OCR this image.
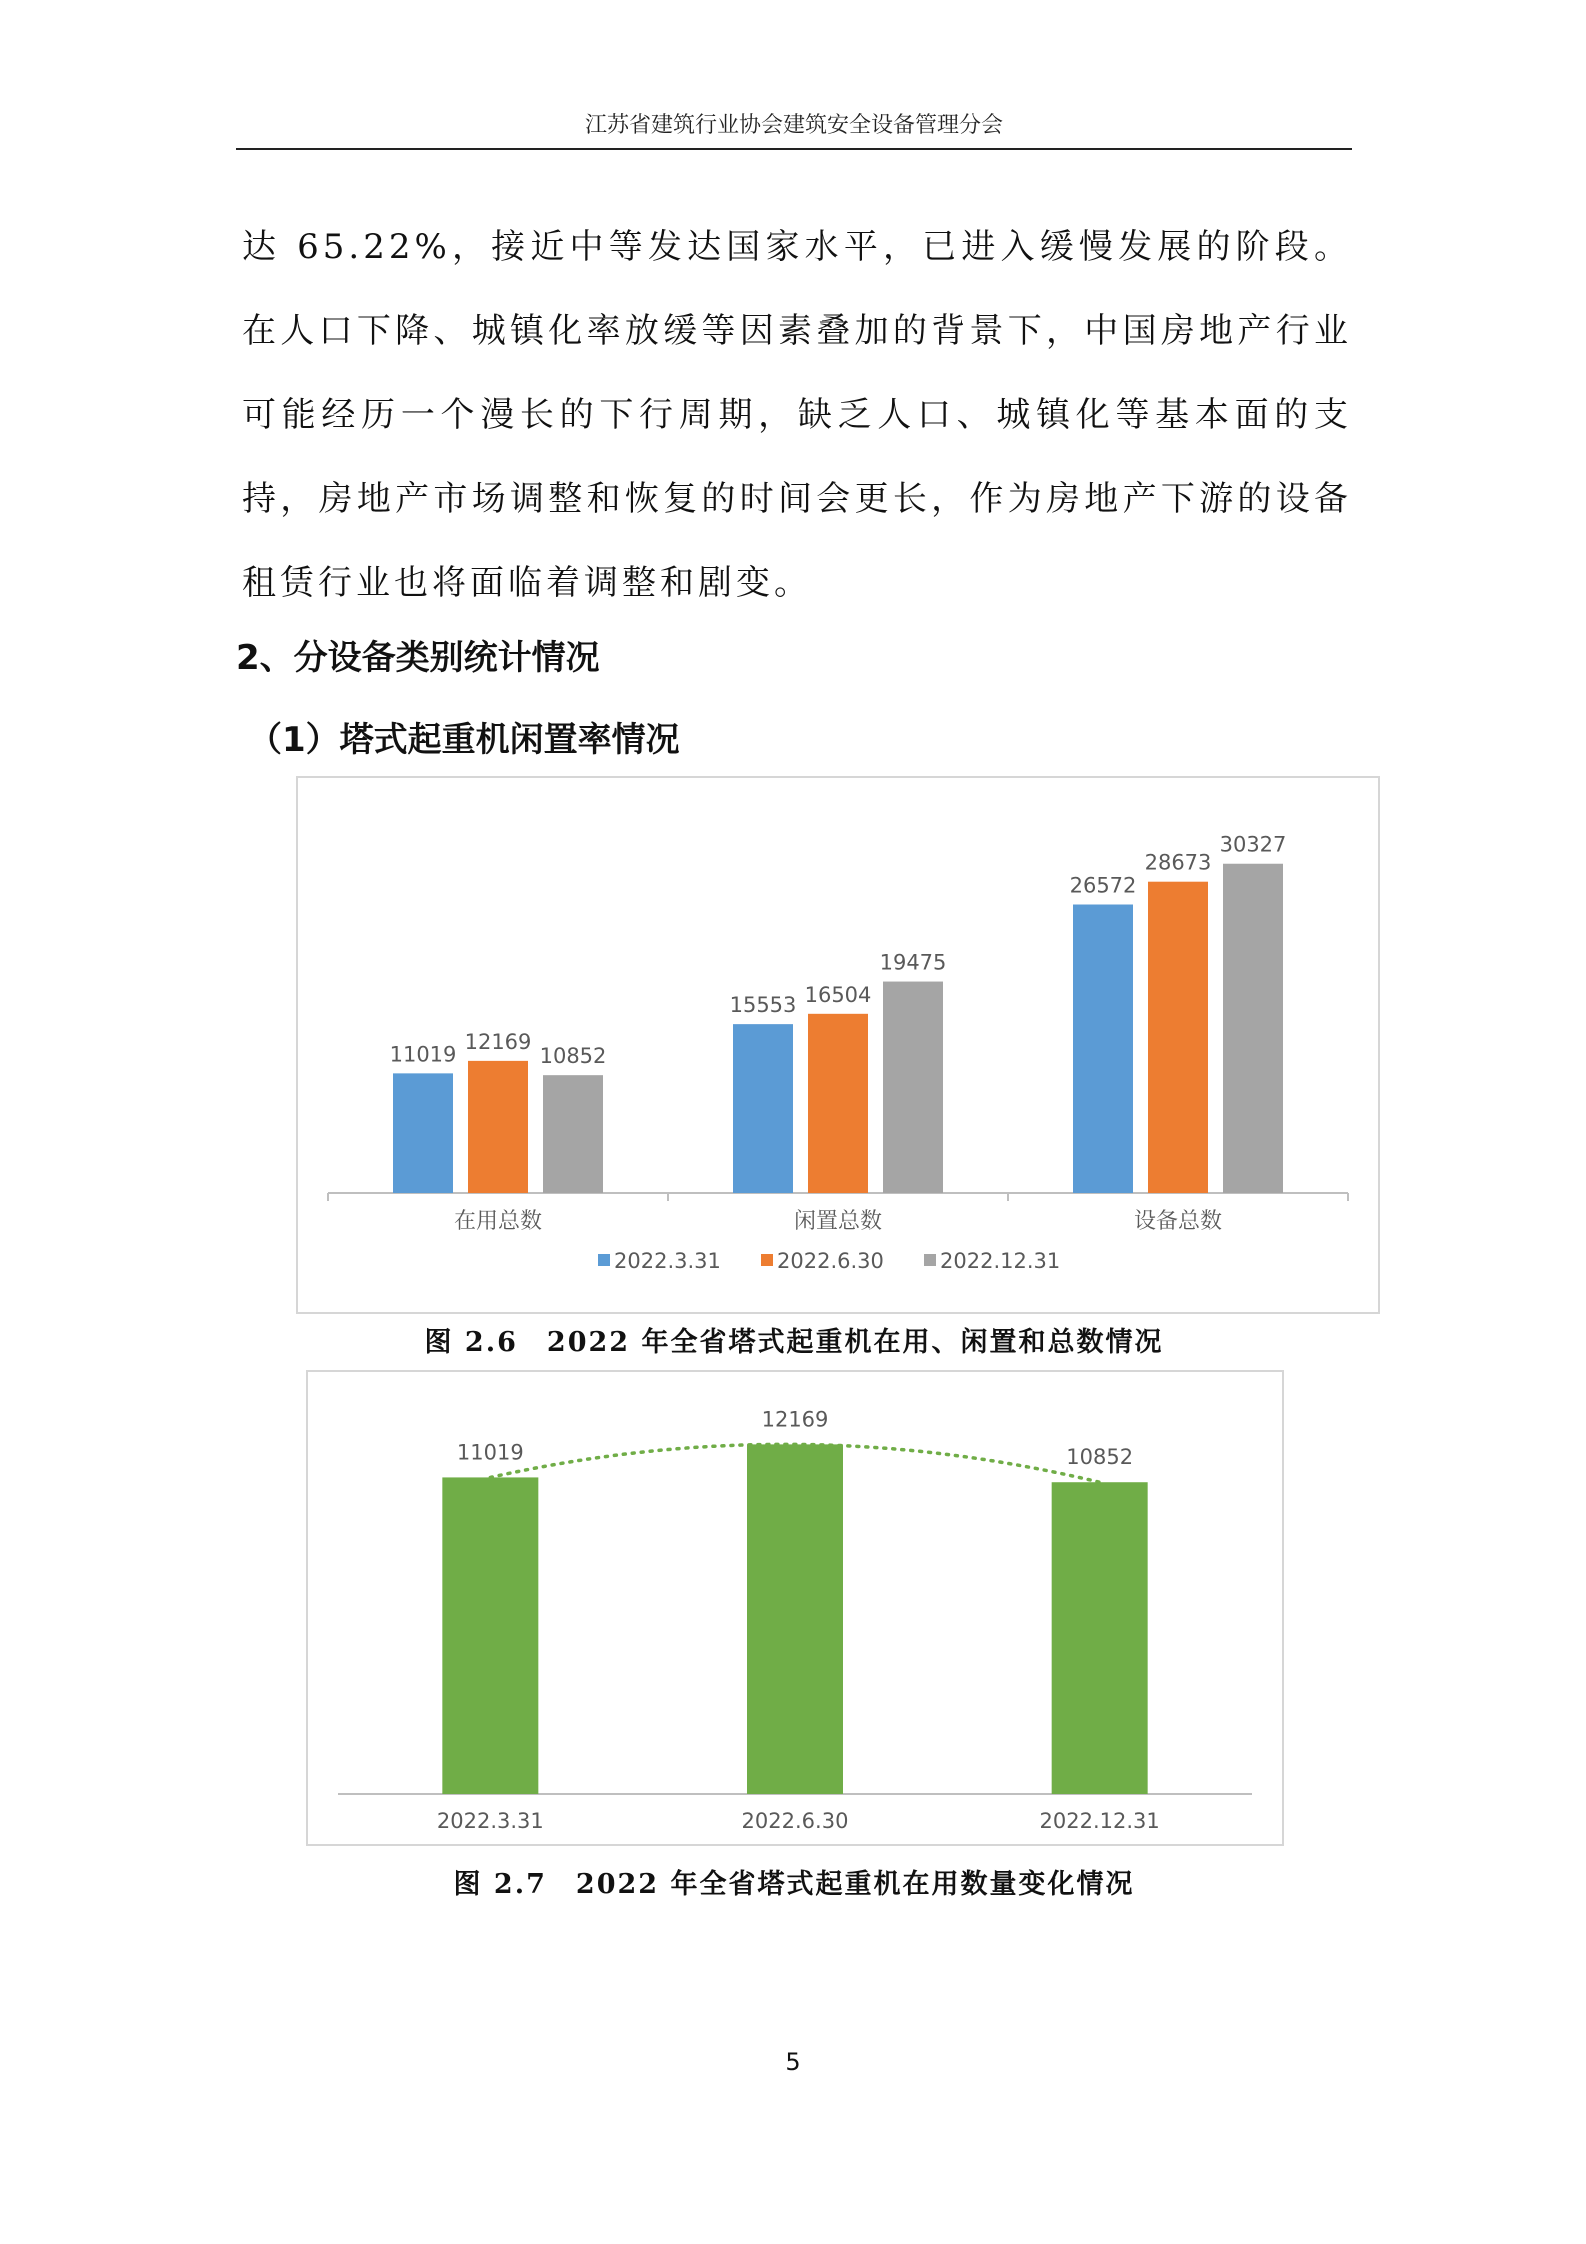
江苏省建筑行业协会建筑安全设备管理分会

达 65.22%，接近中等发达国家水平，已进入缓慢发展的阶段。在人口下降、城镇化率放缓等因素叠加的背景下，中国房地产行业可能经历一个漫长的下行周期，缺乏人口、城镇化等基本面的支持，房地产市场调整和恢复的时间会更长，作为房地产下游的设备租赁行业也将面临着调整和剧变。

2、分设备类别统计情况
（1）塔式起重机闲置率情况
11019
12169
10852
在用总数
15553 16504
19475
闲置总数
26572
28673
30327
设备总数
2022.3.31	2022.6.30	2022.12.31
图 2.6　2022 年全省塔式起重机在用、闲置和总数情况
11019
2022.3.31
12169
2022.6.30
10852
2022.12.31
图 2.7　2022 年全省塔式起重机在用数量变化情况
5
